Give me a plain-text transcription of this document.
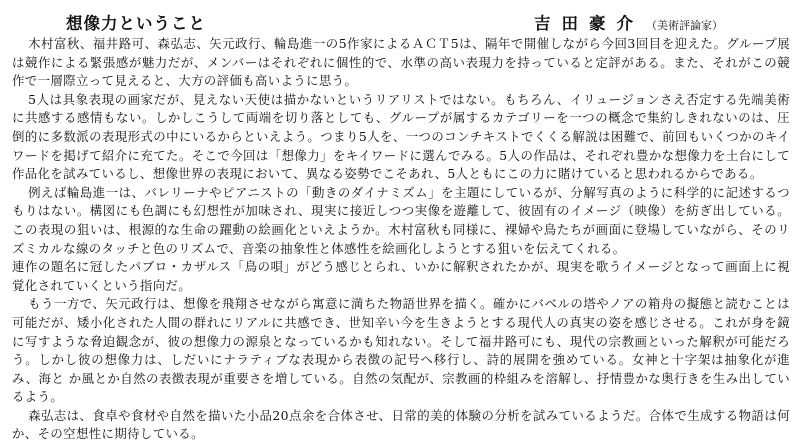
想像力ということ	吉田豪介 （美術評論家）

木村富秋、福井路可、森弘志、矢元政行、輪島進一の5作家によるＡＣＴ5は、隔年で開催しながら今回3回目を迎えた。グループ展は競作による緊張感が魅力だが、メンバーはそれぞれに個性的で、水準の高い表現力を持っていると定評がある。また、それがこの競作で一層際立って見えると、大方の評価も高いように思う。

5人は具象表現の画家だが、見えない天使は描かないというリアリストではない。もちろん、イリュージョンさえ否定する先端美術に共感する感情もない。しかしこうして両端を切り落としても、グループが属するカテゴリーを一つの概念で集約しきれないのは、圧倒的に多数派の表現形式の中にいるからといえよう。つまり5人を、一つのコンチキストでくくる解説は困難で、前回もいくつかのキイワードを掲げて紹介に充てた。そこで今回は「想像力」をキイワードに選んでみる。5人の作品は、それぞれ豊かな想像力を土台にして作品化を試みているし、想像世界の表現において、異なる姿勢でこそあれ、5人ともにこの力に賭けていると思われるからである。

例えば輪島進一は、バレリーナやピアニストの「動きのダイナミズム」を主題にしているが、分解写真のように科学的に記述するつもりはない。構図にも色調にも幻想性が加味され、現実に接近しつつ実像を遊離して、彼固有のイメージ（映像）を紡ぎ出している。この表現の狙いは、根源的な生命の躍動の絵画化といえようか。木村富秋も同様に、裸婦や鳥たちが画面に登場していながら、そのリズミカルな線のタッチと色のリズムで、音楽の抽象性と体感性を絵画化しようとする狙いを伝えてくれる。

連作の題名に冠したパブロ・カザルス「鳥の唄」がどう感じとられ、いかに解釈されたかが、現実を歌うイメージとなって画面上に視覚化されていくという指向だ。

もう一方で、矢元政行は、想像を飛翔させながら寓意に満ちた物語世界を描く。確かにバベルの塔やノアの箱舟の擬態と読むことは可能だが、矮小化された人間の群れにリアルに共感でき、世知辛い今を生きようとする現代人の真実の姿を感じさせる。これが身を鏡に写すような脅迫観念が、彼の想像力の源泉となっているかも知れない。そして福井路可にも、現代の宗教画といった解釈が可能だろう。しかし彼の想像力は、しだいにナラティブな表現から表徴の記号へ移行し、詩的展開を強めている。女神と十字架は抽象化が進み、海と か風とか自然の表徴表現が重要さを増している。自然の気配が、宗教画的枠組みを溶解し、抒情豊かな奥行きを生み出しているよう。

森弘志は、食卓や食材や自然を描いた小品20点余を合体させ、日常的美的体験の分析を試みているようだ。合体で生成する物語は何か、その空想性に期待している。
